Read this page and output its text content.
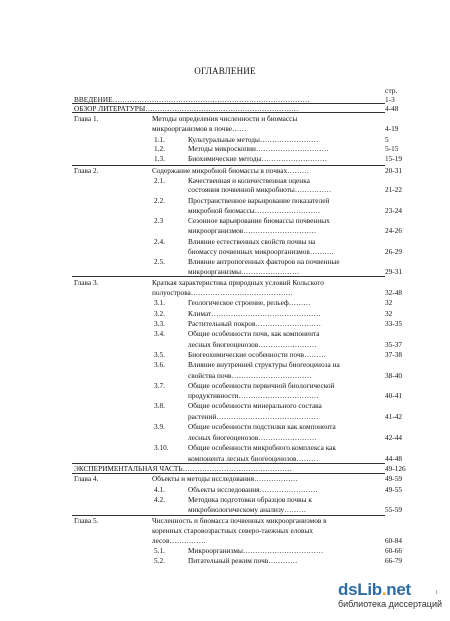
ОГЛАВЛЕНИЕ
стр.
ВВЕДЕНИЕ………………………………………………………………………	1-3
ОБЗОР ЛИТЕРАТУРЫ………………………………………………………	4-48
Глава 1.	Методы определения численности и биомассы
микроорганизмов в почве……	4-19
1.1.	Культуральные методы……………………	5
1.2.	Методы микроскопии…………………………	5-15
1.3.	Биохимические методы………………………	15-19
Глава 2.	Содержание микробной биомассы в почвах………	20-31
2.1.	Качественная и количественная оценка
состояния почвенной микробиоты……………	21-22
2.2.	Пространственное варьирование показателей
микробной биомассы………………………	23-24
2.3	Сезонное варьирование биомассы почвенных
микроорганизмов…………………………	24-26
2.4.	Влияние естественных свойств почвы на
биомассу почвенных микроорганизмов……….	26-29
2.5.	Влияние антропогенных факторов на почвенные
микроорганизмы……………………	29-31
Глава 3.	Краткая характеристика природных условий Кольского
полуострова……………………………………	32-48
3.1.	Геологическое строение, рельеф………	32
3.2.	Климат………………………………………	32
3.3.	Растительный покров………………………	33-35
3.4.	Общие особенности почв, как компонента
лесных биогеоценозов……………………	35-37
3.5.	Биогеохимические особенности почв………	37-38
3.6.	Влияние внутренней структуры биогеоценоза на
свойства почв……………………………	38-40
3.7.	Общие особенности первичной биологической
продуктивности……………………………	40-41
3.8.	Общие особенности минерального состава
растений……………………………………	41-42
3.9.	Общие особенности подстилки как компонента
лесных биогеоценозов……………………	42-44
3.10.	Общие особенности микробного комплекса как
компонента лесных биогеоценозов………	44-48
ЭКСПЕРИМЕНТАЛЬНАЯ ЧАСТЬ………………………………………	49-126
Глава 4.	Объекты и методы исследования………………	49-59
4.1.	Объекты исследования……………………	49-55
4.2.	Методика подготовки образцов почвы к
микробиологическому анализу………	55-59
Глава 5.	Численность и биомасса почвенных микроорганизмов в
коренных старовозрастных северо-таежных еловых
лесов……………	60-84
5.1.	Микроорганизмы……………………………	60-66
5.2.	Питательный режим почв…………	66-79
1
dsLib.net
библиотека диссертаций
